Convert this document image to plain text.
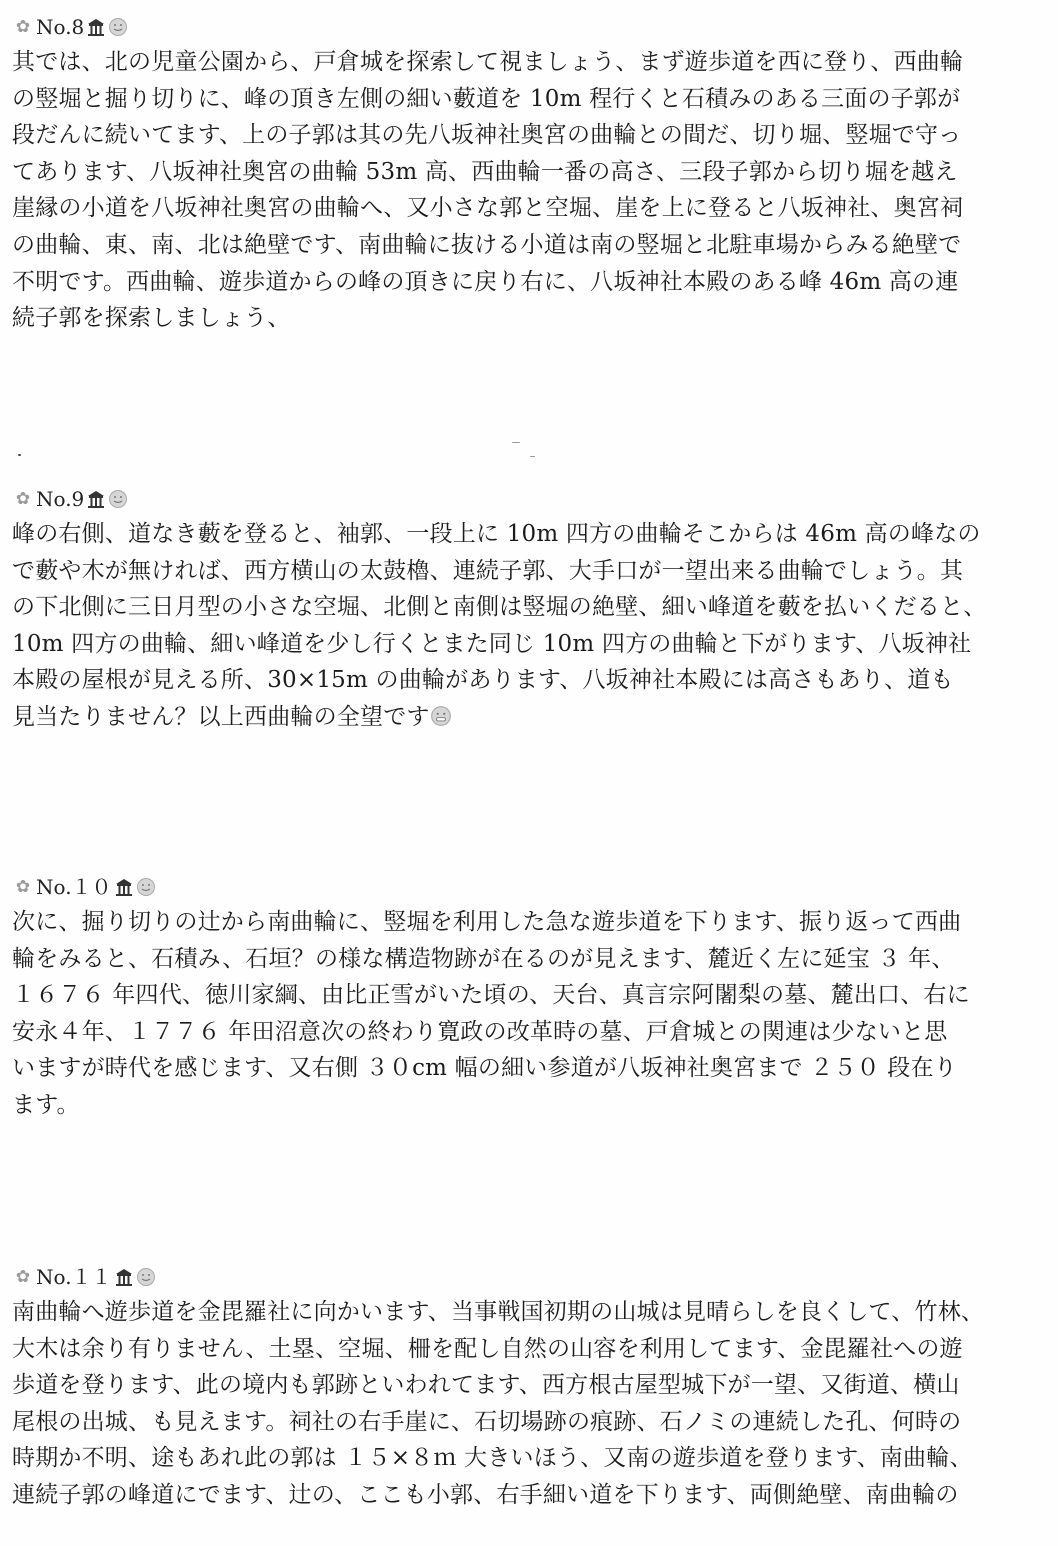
✿ No.8
其では、北の児童公園から、戸倉城を探索して視ましょう、まず遊歩道を西に登り、西曲輪
の竪堀と掘り切りに、峰の頂き左側の細い藪道を 10m 程行くと石積みのある三面の子郭が
段だんに続いてます、上の子郭は其の先八坂神社奥宮の曲輪との間だ、切り堀、竪堀で守っ
てあります、八坂神社奥宮の曲輪 53m 高、西曲輪一番の高さ、三段子郭から切り堀を越え
崖縁の小道を八坂神社奥宮の曲輪へ、又小さな郭と空堀、崖を上に登ると八坂神社、奥宮祠
の曲輪、東、南、北は絶壁です、南曲輪に抜ける小道は南の竪堀と北駐車場からみる絶壁で
不明です。西曲輪、遊歩道からの峰の頂きに戻り右に、八坂神社本殿のある峰 46m 高の連
続子郭を探索しましょう、
✿ No.9
峰の右側、道なき藪を登ると、袖郭、一段上に 10m 四方の曲輪そこからは 46m 高の峰なの
で藪や木が無ければ、西方横山の太鼓櫓、連続子郭、大手口が一望出来る曲輪でしょう。其
の下北側に三日月型の小さな空堀、北側と南側は竪堀の絶壁、細い峰道を藪を払いくだると、
10m 四方の曲輪、細い峰道を少し行くとまた同じ 10m 四方の曲輪と下がります、八坂神社
本殿の屋根が見える所、30×15m の曲輪があります、八坂神社本殿には高さもあり、道も
見当たりません？以上西曲輪の全望です
✿ No.１０
次に、掘り切りの辻から南曲輪に、竪堀を利用した急な遊歩道を下ります、振り返って西曲
輪をみると、石積み、石垣？の様な構造物跡が在るのが見えます、麓近く左に延宝 ３ 年、
１６７６ 年四代、徳川家綱、由比正雪がいた頃の、天台、真言宗阿闍梨の墓、麓出口、右に
安永４年、１７７６ 年田沼意次の終わり寛政の改革時の墓、戸倉城との関連は少ないと思
いますが時代を感じます、又右側 ３０cm 幅の細い参道が八坂神社奥宮まで ２５０ 段在り
ます。
✿ No.１１
南曲輪へ遊歩道を金毘羅社に向かいます、当事戦国初期の山城は見晴らしを良くして、竹林、
大木は余り有りません、土塁、空堀、柵を配し自然の山容を利用してます、金毘羅社への遊
歩道を登ります、此の境内も郭跡といわれてます、西方根古屋型城下が一望、又街道、横山
尾根の出城、も見えます。祠社の右手崖に、石切場跡の痕跡、石ノミの連続した孔、何時の
時期か不明、途もあれ此の郭は １５×８ｍ 大きいほう、又南の遊歩道を登ります、南曲輪、
連続子郭の峰道にでます、辻の、ここも小郭、右手細い道を下ります、両側絶壁、南曲輪の
